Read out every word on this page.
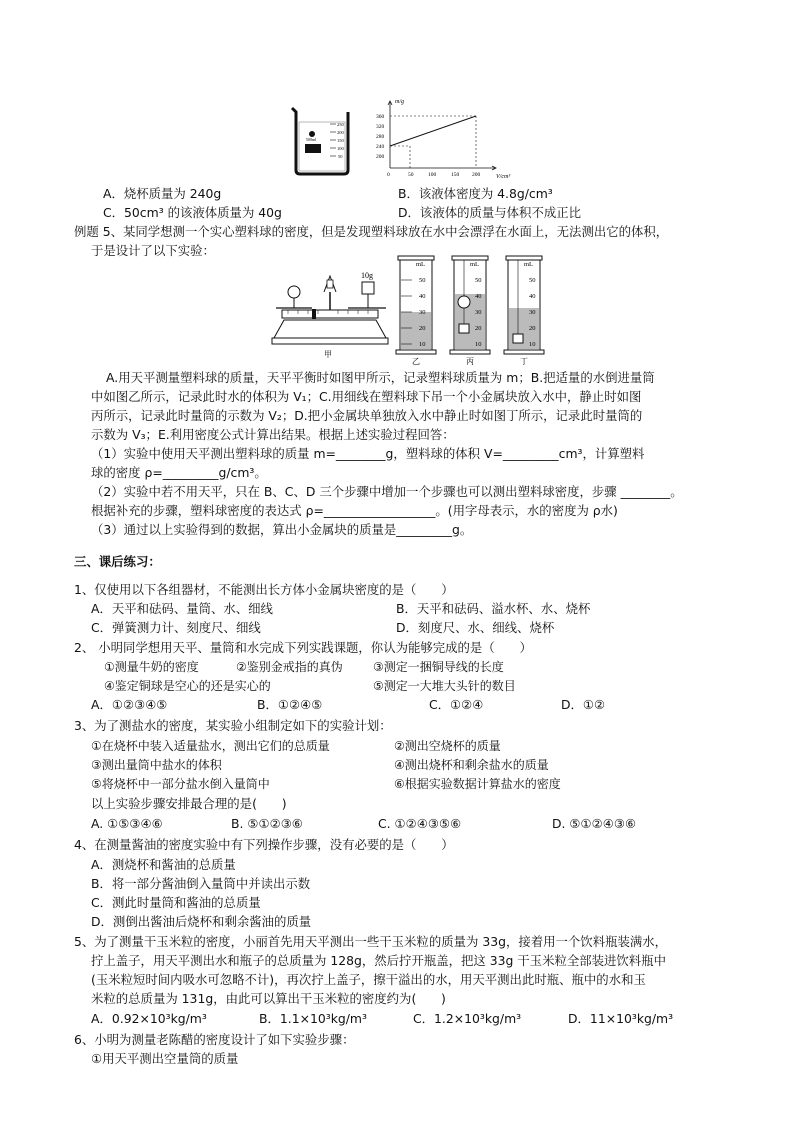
250
200
150
100
50
500ml
m/g
V/cm³
360
320
280
240
200
0	50	100	150 200
A．烧杯质量为 240g	B．该液体密度为 4.8g/cm³
C．50cm³ 的该液体质量为 40g	D．该液体的质量与体积不成正比
例题 5、某同学想测一个实心塑料球的密度，但是发现塑料球放在水中会漂浮在水面上，无法测出它的体积，
于是设计了以下实验：
10g
甲
mL
50
40
30
20
10
乙
mL
50
40
30
20
10
丙
mL
50
40
30
20
10
丁
A.用天平测量塑料球的质量，天平平衡时如图甲所示，记录塑料球质量为 m；B.把适量的水倒进量筒
中如图乙所示，记录此时水的体积为 V₁；C.用细线在塑料球下吊一个小金属块放入水中，静止时如图
丙所示，记录此时量筒的示数为 V₂；D.把小金属块单独放入水中静止时如图丁所示，记录此时量筒的
示数为 V₃；E.利用密度公式计算出结果。根据上述实验过程回答：
（1）实验中使用天平测出塑料球的质量 m=________g，塑料球的体积 V=_________cm³，计算塑料
球的密度 ρ=_________g/cm³。
（2）实验中若不用天平，只在 B、C、D 三个步骤中增加一个步骤也可以测出塑料球密度，步骤 ________。
根据补充的步骤，塑料球密度的表达式 ρ=__________________。(用字母表示，水的密度为 ρ水)
（3）通过以上实验得到的数据，算出小金属块的质量是_________g。
三、课后练习：
1、仅使用以下各组器材，不能测出长方体小金属块密度的是（　　）
A．天平和砝码、量筒、水、细线	B．天平和砝码、溢水杯、水、烧杯
C．弹簧测力计、刻度尺、细线	D．刻度尺、水、细线、烧杯
2、 小明同学想用天平、量筒和水完成下列实践课题，你认为能够完成的是（　　）
①测量牛奶的密度	②鉴别金戒指的真伪	③测定一捆铜导线的长度
④鉴定铜球是空心的还是实心的	⑤测定一大堆大头针的数目
A．①②③④⑤	B．①②④⑤	C．①②④	D．①②
3、为了测盐水的密度，某实验小组制定如下的实验计划：
①在烧杯中装入适量盐水，测出它们的总质量	②测出空烧杯的质量
③测出量筒中盐水的体积	④测出烧杯和剩余盐水的质量
⑤将烧杯中一部分盐水倒入量筒中	⑥根据实验数据计算盐水的密度
以上实验步骤安排最合理的是(　　)
A. ①⑤③④⑥	B. ⑤①②③⑥	C. ①②④③⑤⑥	D. ⑤①②④③⑥
4、在测量酱油的密度实验中有下列操作步骤，没有必要的是（　　）
A．测烧杯和酱油的总质量
B．将一部分酱油倒入量筒中并读出示数
C．测此时量筒和酱油的总质量
D．测倒出酱油后烧杯和剩余酱油的质量
5、为了测量干玉米粒的密度，小丽首先用天平测出一些干玉米粒的质量为 33g，接着用一个饮料瓶装满水，
拧上盖子，用天平测出水和瓶子的总质量为 128g，然后拧开瓶盖，把这 33g 干玉米粒全部装进饮料瓶中
(玉米粒短时间内吸水可忽略不计)，再次拧上盖子，擦干溢出的水，用天平测出此时瓶、瓶中的水和玉
米粒的总质量为 131g，由此可以算出干玉米粒的密度约为(　　)
A．0.92×10³kg/m³	B．1.1×10³kg/m³	C．1.2×10³kg/m³	D．11×10³kg/m³
6、小明为测量老陈醋的密度设计了如下实验步骤：
①用天平测出空量筒的质量
